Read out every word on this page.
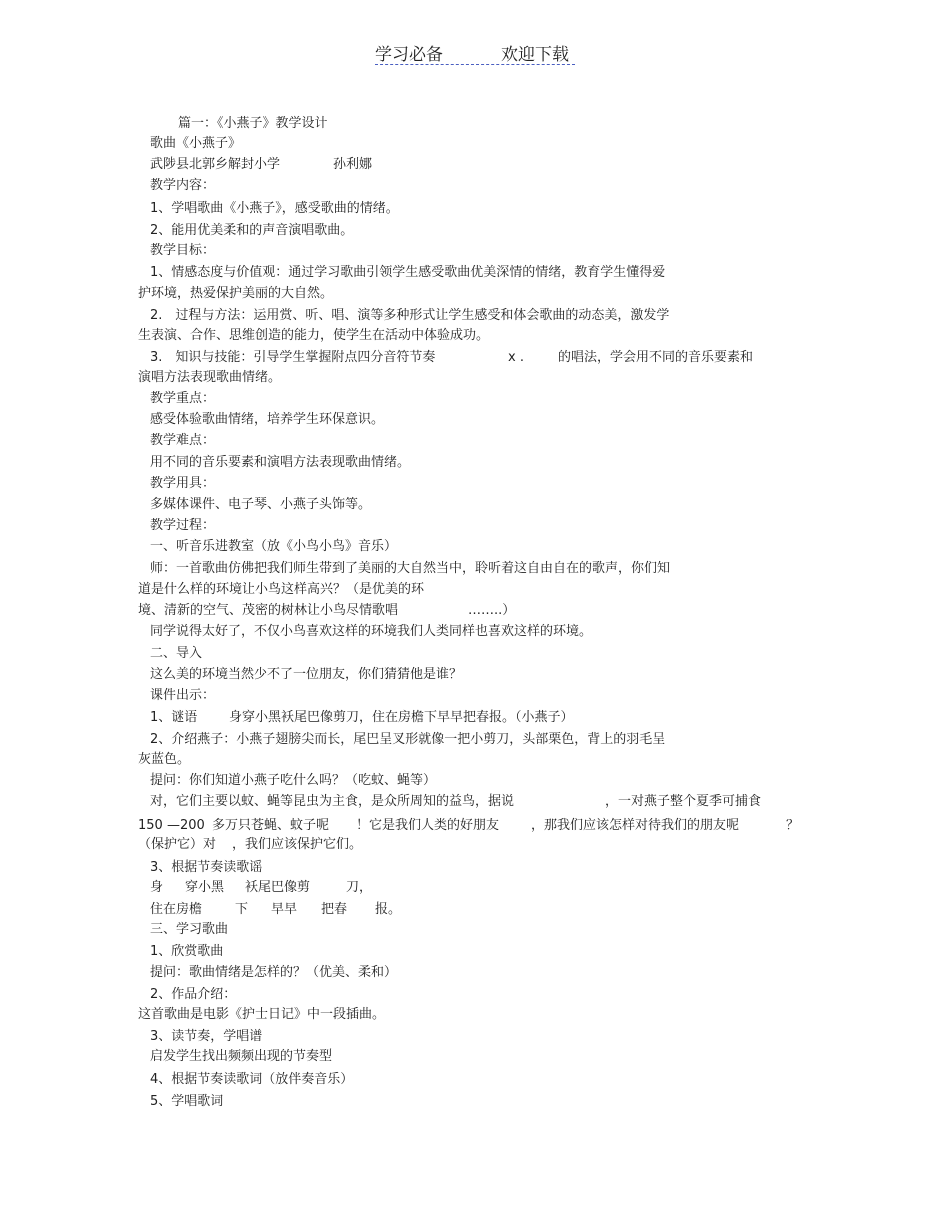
学习必备	欢迎下载
篇一：《小燕子》教学设计
歌曲《小燕子》
武陟县北郭乡解封小学	孙利娜
教学内容：
1、学唱歌曲《小燕子》，感受歌曲的情绪。
2、能用优美柔和的声音演唱歌曲。
教学目标：
1、情感态度与价值观：通过学习歌曲引领学生感受歌曲优美深情的情绪，教育学生懂得爱
护环境，热爱保护美丽的大自然。
2.　过程与方法：运用赏、听、唱、演等多种形式让学生感受和体会歌曲的动态美，激发学
生表演、合作、思维创造的能力，使学生在活动中体验成功。
3.　知识与技能：引导学生掌握附点四分音符节奏	x .	的唱法，学会用不同的音乐要素和
演唱方法表现歌曲情绪。
教学重点：
感受体验歌曲情绪，培养学生环保意识。
教学难点：
用不同的音乐要素和演唱方法表现歌曲情绪。
教学用具：
多媒体课件、电子琴、小燕子头饰等。
教学过程：
一、听音乐进教室（放《小鸟小鸟》音乐）
师：一首歌曲仿佛把我们师生带到了美丽的大自然当中，聆听着这自由自在的歌声，你们知
道是什么样的环境让小鸟这样高兴？（是优美的环
境、清新的空气、茂密的树林让小鸟尽情歌唱	……..）
同学说得太好了，不仅小鸟喜欢这样的环境我们人类同样也喜欢这样的环境。
二、导入
这么美的环境当然少不了一位朋友，你们猜猜他是谁？
课件出示：
1、谜语 身穿小黑袄尾巴像剪刀，住在房檐下早早把春报。（小燕子）
2、介绍燕子：小燕子翅膀尖而长，尾巴呈叉形就像一把小剪刀，头部栗色，背上的羽毛呈
灰蓝色。
提问：你们知道小燕子吃什么吗？（吃蚊、蝇等）
对，它们主要以蚊、蝇等昆虫为主食，是众所周知的益鸟，据说	，一对燕子整个夏季可捕食
150 —200 多万只苍蝇、蚊子呢 ！它是我们人类的好朋友 ，那我们应该怎样对待我们的朋友呢	？
（保护它）对 ，我们应该保护它们。
3、根据节奏读歌谣
身 穿小黑 袄尾巴像剪	刀，
住在房檐	下 早早 把春 报。
三、学习歌曲
1、欣赏歌曲
提问：歌曲情绪是怎样的？（优美、柔和）
2、作品介绍：
这首歌曲是电影《护士日记》中一段插曲。
3、读节奏，学唱谱
启发学生找出频频出现的节奏型
4、根据节奏读歌词（放伴奏音乐）
5、学唱歌词
